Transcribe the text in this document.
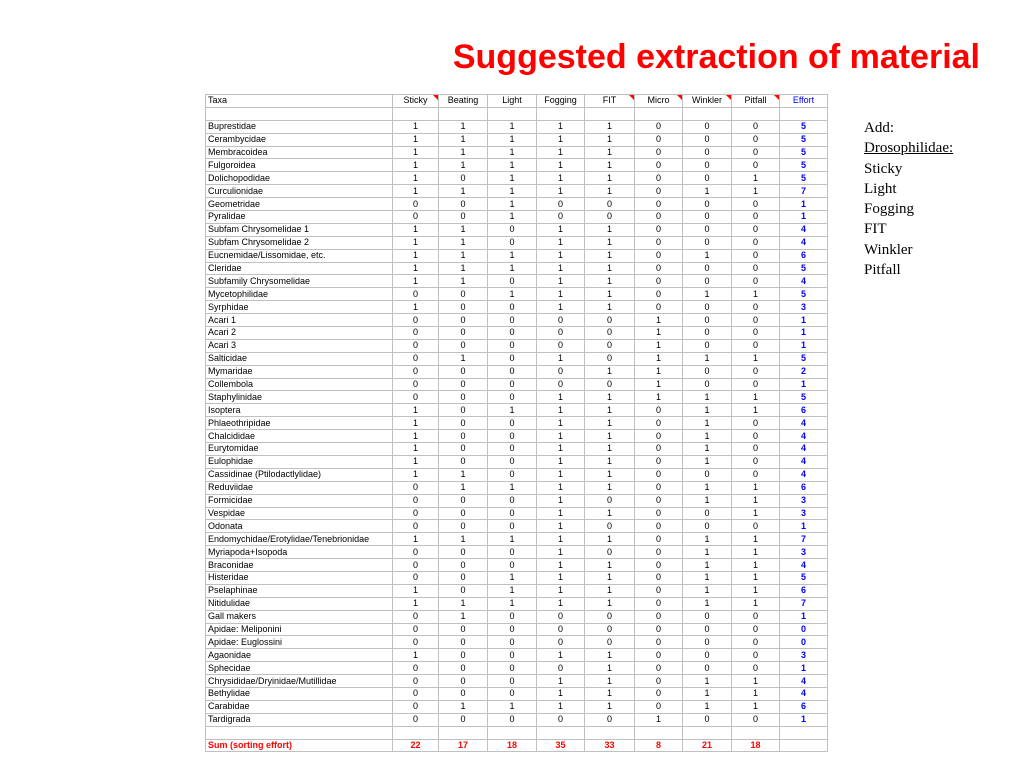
Suggested extraction of material
Taxa	Sticky	Beating	Light	Fogging	FIT	Micro	Winkler	Pitfall	Effort

Buprestidae	1	1	1	1	1	0	0	0	5
Cerambycidae	1	1	1	1	1	0	0	0	5
Membracoidea	1	1	1	1	1	0	0	0	5
Fulgoroidea	1	1	1	1	1	0	0	0	5
Dolichopodidae	1	0	1	1	1	0	0	1	5
Curculionidae	1	1	1	1	1	0	1	1	7
Geometridae	0	0	1	0	0	0	0	0	1
Pyralidae	0	0	1	0	0	0	0	0	1
Subfam Chrysomelidae 1	1	1	0	1	1	0	0	0	4
Subfam Chrysomelidae 2	1	1	0	1	1	0	0	0	4
Eucnemidae/Lissomidae, etc.	1	1	1	1	1	0	1	0	6
Cleridae	1	1	1	1	1	0	0	0	5
Subfamily Chrysomelidae	1	1	0	1	1	0	0	0	4
Mycetophilidae	0	0	1	1	1	0	1	1	5
Syrphidae	1	0	0	1	1	0	0	0	3
Acari 1	0	0	0	0	0	1	0	0	1
Acari 2	0	0	0	0	0	1	0	0	1
Acari 3	0	0	0	0	0	1	0	0	1
Salticidae	0	1	0	1	0	1	1	1	5
Mymaridae	0	0	0	0	1	1	0	0	2
Collembola	0	0	0	0	0	1	0	0	1
Staphylinidae	0	0	0	1	1	1	1	1	5
Isoptera	1	0	1	1	1	0	1	1	6
Phlaeothripidae	1	0	0	1	1	0	1	0	4
Chalcididae	1	0	0	1	1	0	1	0	4
Eurytomidae	1	0	0	1	1	0	1	0	4
Eulophidae	1	0	0	1	1	0	1	0	4
Cassidinae (Ptilodactlylidae)	1	1	0	1	1	0	0	0	4
Reduviidae	0	1	1	1	1	0	1	1	6
Formicidae	0	0	0	1	0	0	1	1	3
Vespidae	0	0	0	1	1	0	0	1	3
Odonata	0	0	0	1	0	0	0	0	1
Endomychidae/Erotylidae/Tenebrionidae	1	1	1	1	1	0	1	1	7
Myriapoda+Isopoda	0	0	0	1	0	0	1	1	3
Braconidae	0	0	0	1	1	0	1	1	4
Histeridae	0	0	1	1	1	0	1	1	5
Pselaphinae	1	0	1	1	1	0	1	1	6
Nitidulidae	1	1	1	1	1	0	1	1	7
Gall makers	0	1	0	0	0	0	0	0	1
Apidae: Meliponini	0	0	0	0	0	0	0	0	0
Apidae: Euglossini	0	0	0	0	0	0	0	0	0
Agaonidae	1	0	0	1	1	0	0	0	3
Sphecidae	0	0	0	0	1	0	0	0	1
Chrysididae/Dryinidae/Mutillidae	0	0	0	1	1	0	1	1	4
Bethylidae	0	0	0	1	1	0	1	1	4
Carabidae	0	1	1	1	1	0	1	1	6
Tardigrada	0	0	0	0	0	1	0	0	1

Sum (sorting effort)	22	17	18	35	33	8	21	18	
Add:
Drosophilidae:
Sticky
Light
Fogging
FIT
Winkler
Pitfall
